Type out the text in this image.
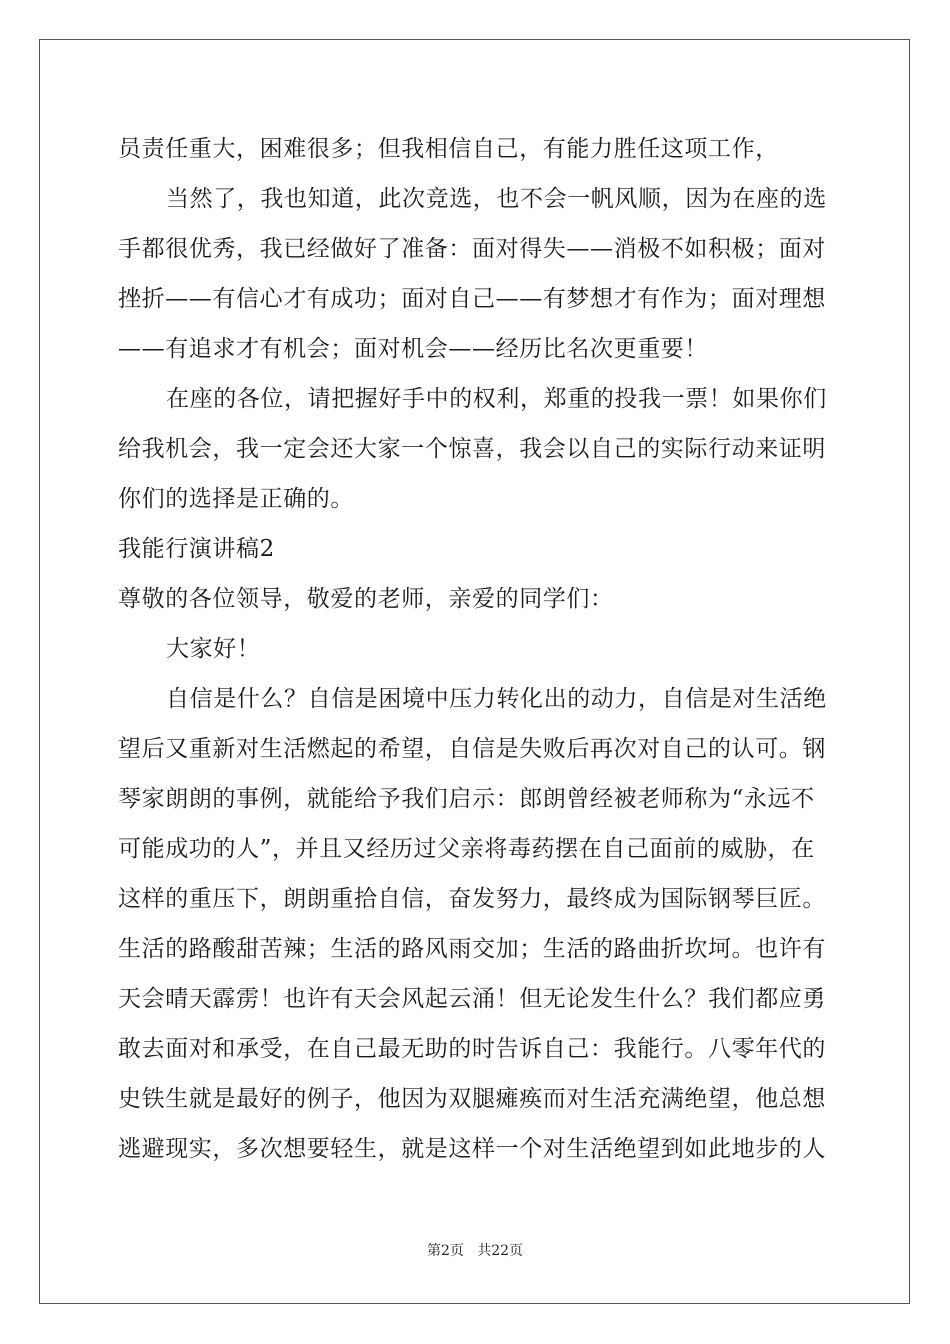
员责任重大，困难很多；但我相信自己，有能力胜任这项工作，
当然了，我也知道，此次竞选，也不会一帆风顺，因为在座的选
手都很优秀，我已经做好了准备：面对得失——消极不如积极；面对
挫折——有信心才有成功；面对自己——有梦想才有作为；面对理想
——有追求才有机会；面对机会——经历比名次更重要！
在座的各位，请把握好手中的权利，郑重的投我一票！如果你们
给我机会，我一定会还大家一个惊喜，我会以自己的实际行动来证明
你们的选择是正确的。
我能行演讲稿2
尊敬的各位领导，敬爱的老师，亲爱的同学们：
大家好！
自信是什么？自信是困境中压力转化出的动力，自信是对生活绝
望后又重新对生活燃起的希望，自信是失败后再次对自己的认可。钢
琴家朗朗的事例，就能给予我们启示：郎朗曾经被老师称为“永远不
可能成功的人”，并且又经历过父亲将毒药摆在自己面前的威胁，在
这样的重压下，朗朗重拾自信，奋发努力，最终成为国际钢琴巨匠。
生活的路酸甜苦辣；生活的路风雨交加；生活的路曲折坎坷。也许有
天会晴天霹雳！也许有天会风起云涌！但无论发生什么？我们都应勇
敢去面对和承受，在自己最无助的时告诉自己：我能行。八零年代的
史铁生就是最好的例子，他因为双腿瘫痪而对生活充满绝望，他总想
逃避现实，多次想要轻生，就是这样一个对生活绝望到如此地步的人
第2页   共22页
